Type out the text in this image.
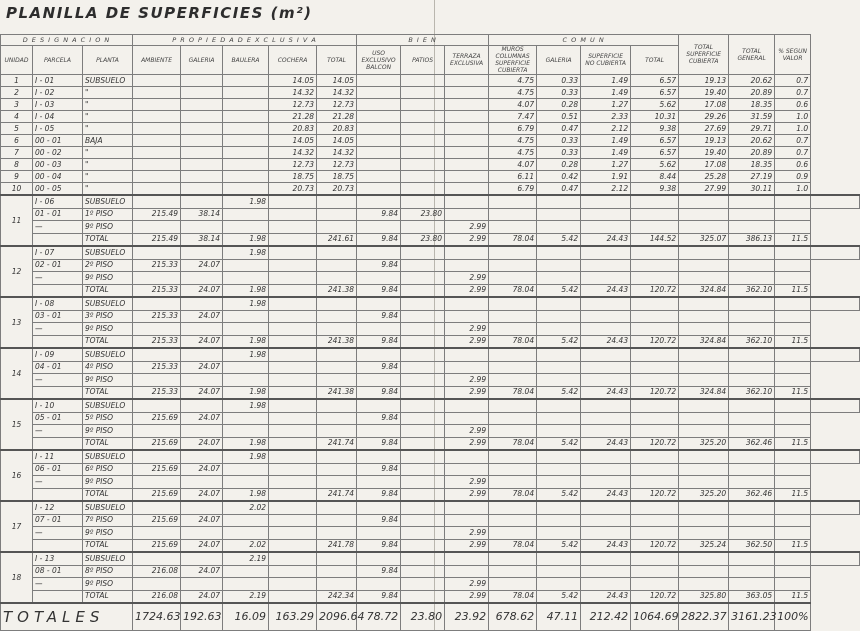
PLANILLA DE SUPERFICIES (m²)
D E S I G N A C I O N			P R O P I E D A D E X C L U S I V A					B I E N			C O M U N				TOTAL SUPERFICIE CUBIERTA	TOTAL GENERAL	% SEGUN VALOR	
UNIDAD	PARCELA	PLANTA	AMBIENTE	GALERIA	BAULERA	COCHERA	TOTAL	USO EXCLUSIVO
BALCON	PATIOS	TERRAZA EXCLUSIVA	MUROS COLUMNAS SUPERFICIE CUBIERTA	GALERIA	SUPERFICIE NO CUBIERTA	TOTAL				
1	I - 01	SUBSUELO				14.05	14.05				4.75	0.33	1.49	6.57	19.13	20.62	0.7	
2	I - 02	"				14.32	14.32				4.75	0.33	1.49	6.57	19.40	20.89	0.7	
3	I - 03	"				12.73	12.73				4.07	0.28	1.27	5.62	17.08	18.35	0.6	
4	I - 04	"				21.28	21.28				7.47	0.51	2.33	10.31	29.26	31.59	1.0	
5	I - 05	"				20.83	20.83				6.79	0.47	2.12	9.38	27.69	29.71	1.0	
6	00 - 01	BAJA				14.05	14.05				4.75	0.33	1.49	6.57	19.13	20.62	0.7	
7	00 - 02	"				14.32	14.32				4.75	0.33	1.49	6.57	19.40	20.89	0.7	
8	00 - 03	"				12.73	12.73				4.07	0.28	1.27	5.62	17.08	18.35	0.6	
9	00 - 04	"				18.75	18.75				6.11	0.42	1.91	8.44	25.28	27.19	0.9	
10	00 - 05	"				20.73	20.73				6.79	0.47	2.12	9.38	27.99	30.11	1.0	
11	I - 06	SUBSUELO			1.98													
	01 - 01	1º PISO	215.49	38.14				9.84	23.80									
	—	9º PISO								2.99								
		TOTAL	215.49	38.14	1.98		241.61	9.84	23.80	2.99	78.04	5.42	24.43	144.52	325.07	386.13	11.5	
12	I - 07	SUBSUELO			1.98													
	02 - 01	2º PISO	215.33	24.07				9.84										
	—	9º PISO								2.99								
		TOTAL	215.33	24.07	1.98		241.38	9.84		2.99	78.04	5.42	24.43	120.72	324.84	362.10	11.5	
13	I - 08	SUBSUELO			1.98													
	03 - 01	3º PISO	215.33	24.07				9.84										
	—	9º PISO								2.99								
		TOTAL	215.33	24.07	1.98		241.38	9.84		2.99	78.04	5.42	24.43	120.72	324.84	362.10	11.5	
14	I - 09	SUBSUELO			1.98													
	04 - 01	4º PISO	215.33	24.07				9.84										
	—	9º PISO								2.99								
		TOTAL	215.33	24.07	1.98		241.38	9.84		2.99	78.04	5.42	24.43	120.72	324.84	362.10	11.5	
15	I - 10	SUBSUELO			1.98													
	05 - 01	5º PISO	215.69	24.07				9.84										
	—	9º PISO								2.99								
		TOTAL	215.69	24.07	1.98		241.74	9.84		2.99	78.04	5.42	24.43	120.72	325.20	362.46	11.5	
16	I - 11	SUBSUELO			1.98													
	06 - 01	6º PISO	215.69	24.07				9.84										
	—	9º PISO								2.99								
		TOTAL	215.69	24.07	1.98		241.74	9.84		2.99	78.04	5.42	24.43	120.72	325.20	362.46	11.5	
17	I - 12	SUBSUELO			2.02													
	07 - 01	7º PISO	215.69	24.07				9.84										
	—	9º PISO								2.99								
		TOTAL	215.69	24.07	2.02		241.78	9.84		2.99	78.04	5.42	24.43	120.72	325.24	362.50	11.5	
18	I - 13	SUBSUELO			2.19													
	08 - 01	8º PISO	216.08	24.07				9.84										
	—	9º PISO								2.99								
		TOTAL	216.08	24.07	2.19		242.34	9.84		2.99	78.04	5.42	24.43	120.72	325.80	363.05	11.5	
TOTALES			1724.63	192.63	16.09	163.29	2096.64	78.72	23.80	23.92	678.62	47.11	212.42	1064.69	2822.37	3161.23	100%	
